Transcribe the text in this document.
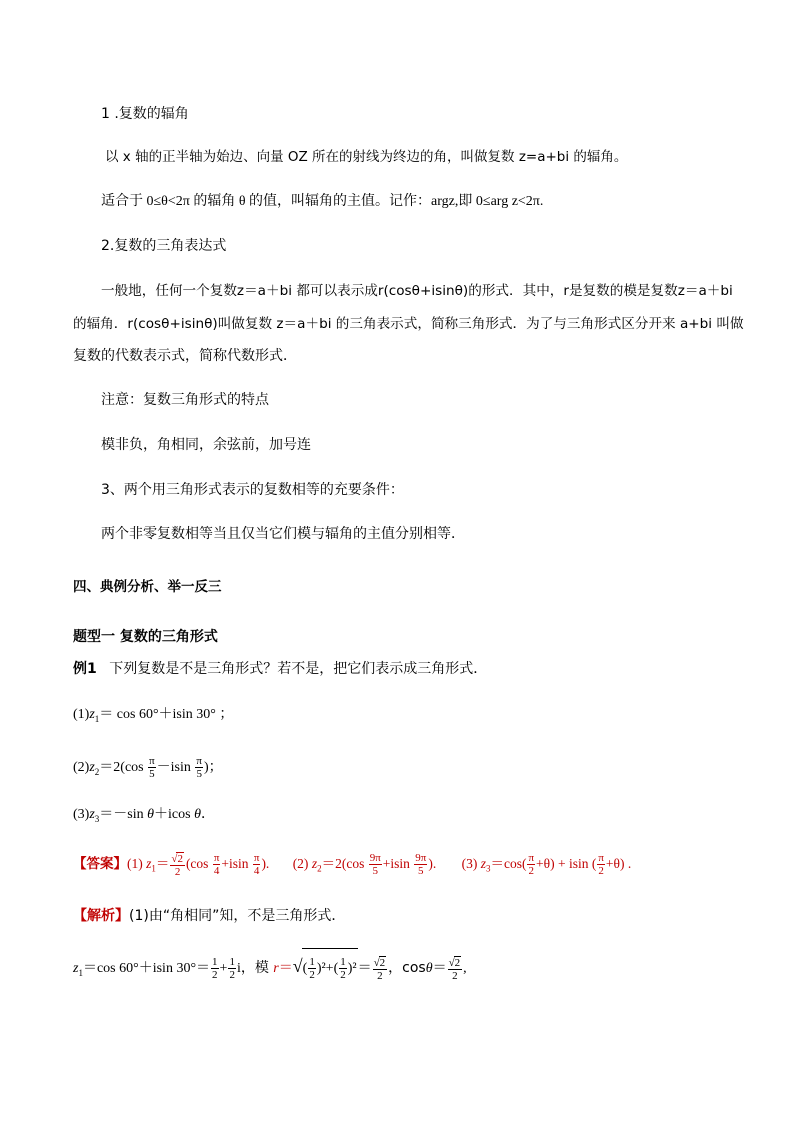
1 .复数的辐角
以 x 轴的正半轴为始边、向量 OZ 所在的射线为终边的角，叫做复数 z=a+bi 的辐角。
适合于 0≤θ<2π 的辐角 θ 的值，叫辐角的主值。记作：argz,即 0≤arg z<2π.
2.复数的三角表达式
一般地，任何一个复数z＝a＋bi 都可以表示成r(cosθ+isinθ)的形式．其中，r是复数的模是复数z＝a＋bi
的辐角．r(cosθ+isinθ)叫做复数 z＝a＋bi 的三角表示式，简称三角形式．为了与三角形式区分开来 a+bi 叫做
复数的代数表示式，简称代数形式．
注意：复数三角形式的特点
模非负，角相同，余弦前，加号连
3、两个用三角形式表示的复数相等的充要条件：
两个非零复数相等当且仅当它们模与辐角的主值分别相等．
四、典例分析、举一反三
题型一 复数的三角形式
例1 下列复数是不是三角形式？若不是，把它们表示成三角形式．
$(1)z_1= \cos 60^\circ+isin$ 30° ；
$(2)z_2=2(\cos \frac{\pi}{5} -isin \frac{\pi}{5}$ )；
$(3)z_3=-\sin$ θ＋icos θ．
【答案】(1) $z_1= \frac{√2}{2} (\cos \frac{\pi}{4} +isin \frac{\pi}{4}$ ). (2) $z_2=2(\cos \frac{9\pi}{5} +isin \frac{9\pi}{5}$ ). (3) $z_3=\cos( \frac{\pi}{2} +\theta) + isin$ ( $\frac{\pi}{2} +\theta$) .
【解析】(1)由“角相同”知，不是三角形式．
$z_1=\cos$ 60°＋isin $30^\circ= \frac{1}{2} + \frac{1}{2}$ i，模 $r=√( \frac{1}{2} )^2+( \frac{1}{2} )^2= \frac{√2}{2}$ ，$\cos\theta= \frac{√2}{2}$ ,
